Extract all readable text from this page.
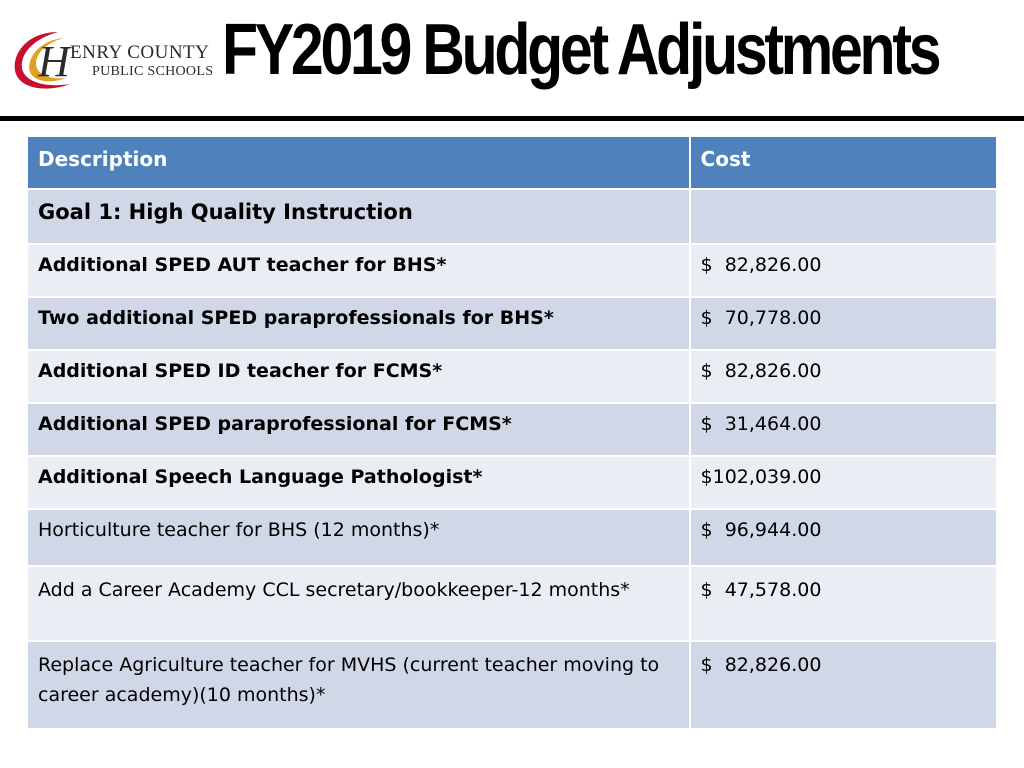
H ENRY COUNTY
PUBLIC SCHOOLS FY2019 Budget Adjustments
Description	Cost
Goal 1: High Quality Instruction	
Additional SPED AUT teacher for BHS*	$  82,826.00
Two additional SPED paraprofessionals for BHS*	$  70,778.00
Additional SPED ID teacher for FCMS*	$  82,826.00
Additional SPED paraprofessional for FCMS*	$  31,464.00
Additional Speech Language Pathologist*	$102,039.00
Horticulture teacher for BHS (12 months)*	$  96,944.00
Add a Career Academy CCL secretary/bookkeeper-12 months*	$  47,578.00
Replace Agriculture teacher for MVHS (current teacher moving to career academy)(10 months)*	$  82,826.00
